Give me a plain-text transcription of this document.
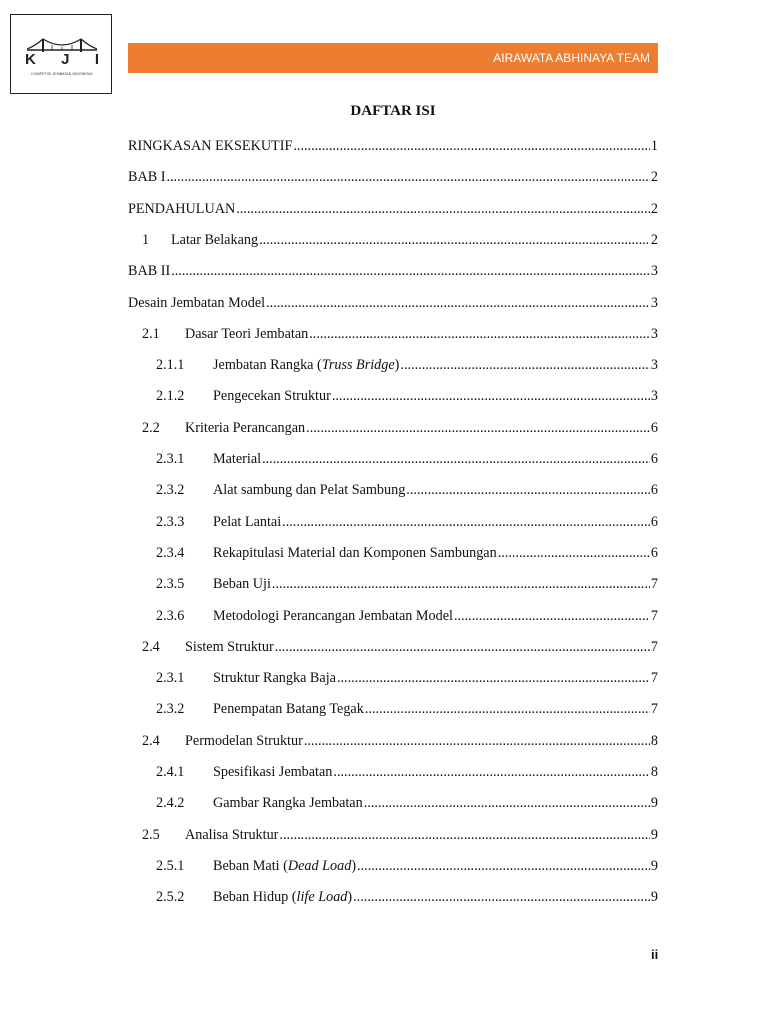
K J I
KOMPETISI JEMBATAN INDONESIA
AIRAWATA ABHINAYA TEAM
DAFTAR ISI
RINGKASAN EKSEKUTIF .....	1
BAB I .....	2
PENDAHULUAN .....	2
1 Latar Belakang .....	2
BAB II .....	3
Desain Jembatan Model .....	3
2.1 Dasar Teori Jembatan .....	3
2.1.1 Jembatan Rangka (Truss Bridge) .....	3
2.1.2 Pengecekan Struktur .....	3
2.2 Kriteria Perancangan .....	6
2.3.1 Material .....	6
2.3.2 Alat sambung dan Pelat Sambung .....	6
2.3.3 Pelat Lantai .....	6
2.3.4 Rekapitulasi Material dan Komponen Sambungan .....	6
2.3.5 Beban Uji .....	7
2.3.6 Metodologi Perancangan Jembatan Model .....	7
2.4 Sistem Struktur .....	7
2.3.1 Struktur Rangka Baja .....	7
2.3.2 Penempatan Batang Tegak .....	7
2.4 Permodelan Struktur .....	8
2.4.1 Spesifikasi Jembatan .....	8
2.4.2 Gambar Rangka Jembatan .....	9
2.5 Analisa Struktur .....	9
2.5.1 Beban Mati (Dead Load) .....	9
2.5.2 Beban Hidup (life Load) .....	9
ii
